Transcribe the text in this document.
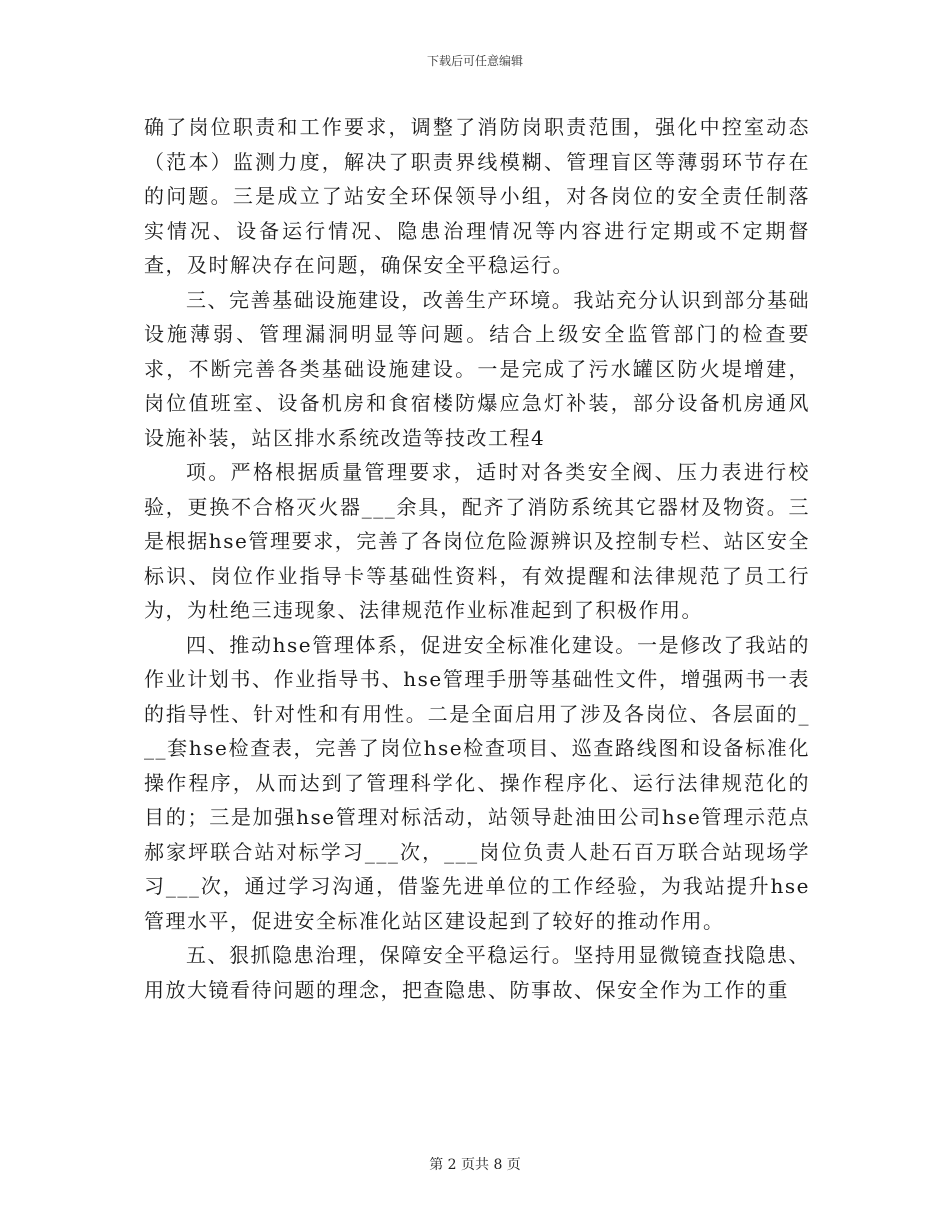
下载后可任意编辑

确了岗位职责和工作要求，调整了消防岗职责范围，强化中控室动态（范本）监测力度，解决了职责界线模糊、管理盲区等薄弱环节存在的问题。三是成立了站安全环保领导小组，对各岗位的安全责任制落实情况、设备运行情况、隐患治理情况等内容进行定期或不定期督查，及时解决存在问题，确保安全平稳运行。

三、完善基础设施建设，改善生产环境。我站充分认识到部分基础设施薄弱、管理漏洞明显等问题。结合上级安全监管部门的检查要求，不断完善各类基础设施建设。一是完成了污水罐区防火堤增建，岗位值班室、设备机房和食宿楼防爆应急灯补装，部分设备机房通风设施补装，站区排水系统改造等技改工程4

项。严格根据质量管理要求，适时对各类安全阀、压力表进行校验，更换不合格灭火器___余具，配齐了消防系统其它器材及物资。三是根据hse管理要求，完善了各岗位危险源辨识及控制专栏、站区安全标识、岗位作业指导卡等基础性资料，有效提醒和法律规范了员工行为，为杜绝三违现象、法律规范作业标准起到了积极作用。

四、推动hse管理体系，促进安全标准化建设。一是修改了我站的作业计划书、作业指导书、hse管理手册等基础性文件，增强两书一表的指导性、针对性和有用性。二是全面启用了涉及各岗位、各层面的___套hse检查表，完善了岗位hse检查项目、巡查路线图和设备标准化操作程序，从而达到了管理科学化、操作程序化、运行法律规范化的目的；三是加强hse管理对标活动，站领导赴油田公司hse管理示范点郝家坪联合站对标学习___次，___岗位负责人赴石百万联合站现场学习___次，通过学习沟通，借鉴先进单位的工作经验，为我站提升hse管理水平，促进安全标准化站区建设起到了较好的推动作用。

五、狠抓隐患治理，保障安全平稳运行。坚持用显微镜查找隐患、用放大镜看待问题的理念，把查隐患、防事故、保安全作为工作的重

第 2 页共 8 页
